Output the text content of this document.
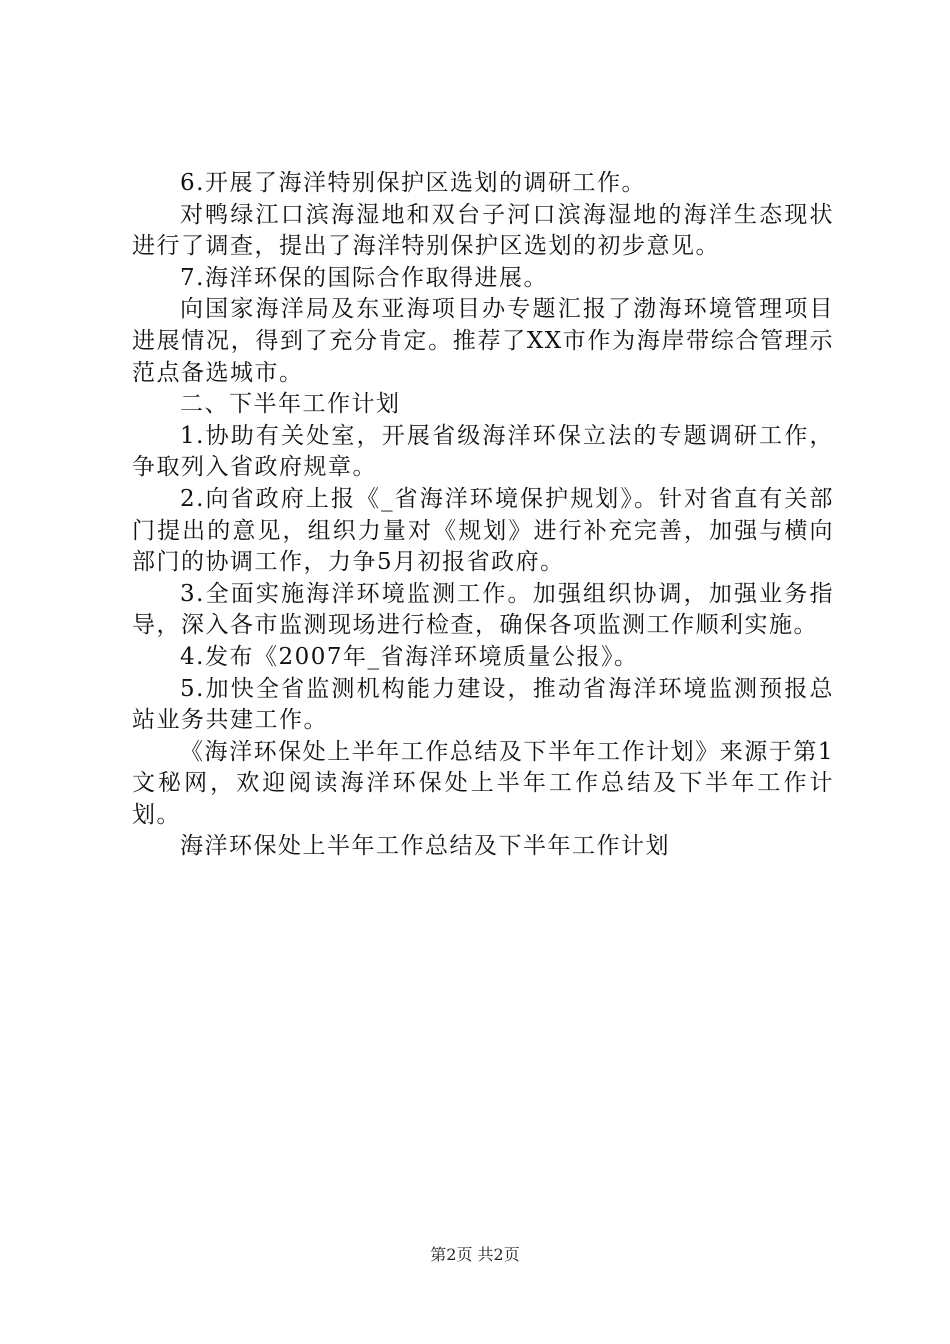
6.开展了海洋特别保护区选划的调研工作。

对鸭绿江口滨海湿地和双台子河口滨海湿地的海洋生态现状进行了调查，提出了海洋特别保护区选划的初步意见。

7.海洋环保的国际合作取得进展。

向国家海洋局及东亚海项目办专题汇报了渤海环境管理项目进展情况，得到了充分肯定。推荐了XX市作为海岸带综合管理示范点备选城市。

二、下半年工作计划

1.协助有关处室，开展省级海洋环保立法的专题调研工作，争取列入省政府规章。

2.向省政府上报《_省海洋环境保护规划》。针对省直有关部门提出的意见，组织力量对《规划》进行补充完善，加强与横向部门的协调工作，力争5月初报省政府。

3.全面实施海洋环境监测工作。加强组织协调，加强业务指导，深入各市监测现场进行检查，确保各项监测工作顺利实施。

4.发布《2007年_省海洋环境质量公报》。

5.加快全省监测机构能力建设，推动省海洋环境监测预报总站业务共建工作。

《海洋环保处上半年工作总结及下半年工作计划》来源于第1文秘网，欢迎阅读海洋环保处上半年工作总结及下半年工作计划。

海洋环保处上半年工作总结及下半年工作计划

第2页 共2页
